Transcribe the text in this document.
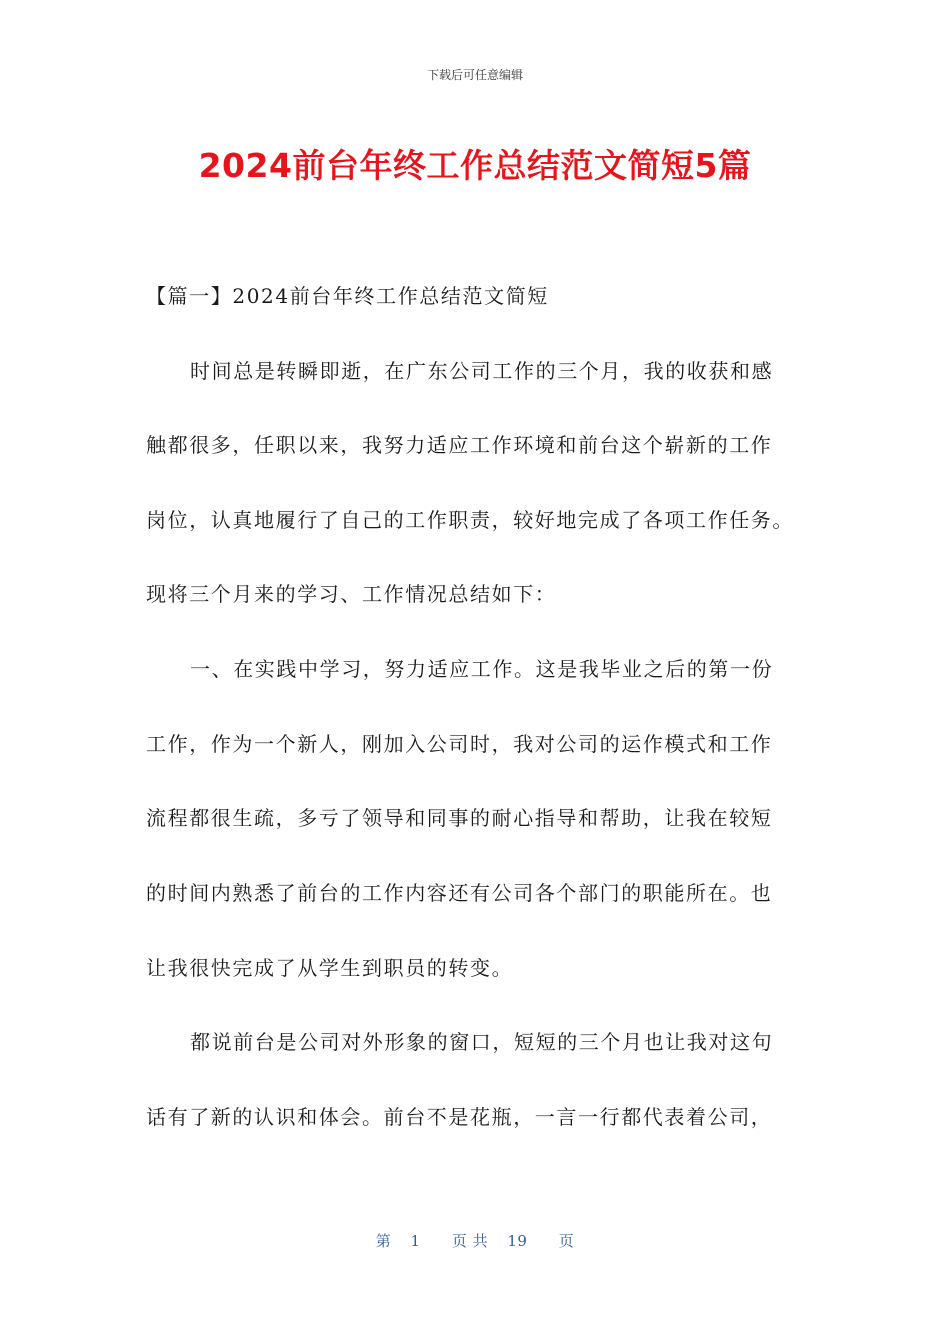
下载后可任意编辑
2024前台年终工作总结范文简短5篇

【篇一】2024前台年终工作总结范文简短

时间总是转瞬即逝，在广东公司工作的三个月，我的收获和感

触都很多，任职以来，我努力适应工作环境和前台这个崭新的工作

岗位，认真地履行了自己的工作职责，较好地完成了各项工作任务。

现将三个月来的学习、工作情况总结如下：

一、在实践中学习，努力适应工作。这是我毕业之后的第一份

工作，作为一个新人，刚加入公司时，我对公司的运作模式和工作

流程都很生疏，多亏了领导和同事的耐心指导和帮助，让我在较短

的时间内熟悉了前台的工作内容还有公司各个部门的职能所在。也

让我很快完成了从学生到职员的转变。

都说前台是公司对外形象的窗口，短短的三个月也让我对这句

话有了新的认识和体会。前台不是花瓶，一言一行都代表着公司，

第 1 页 共 19 页
